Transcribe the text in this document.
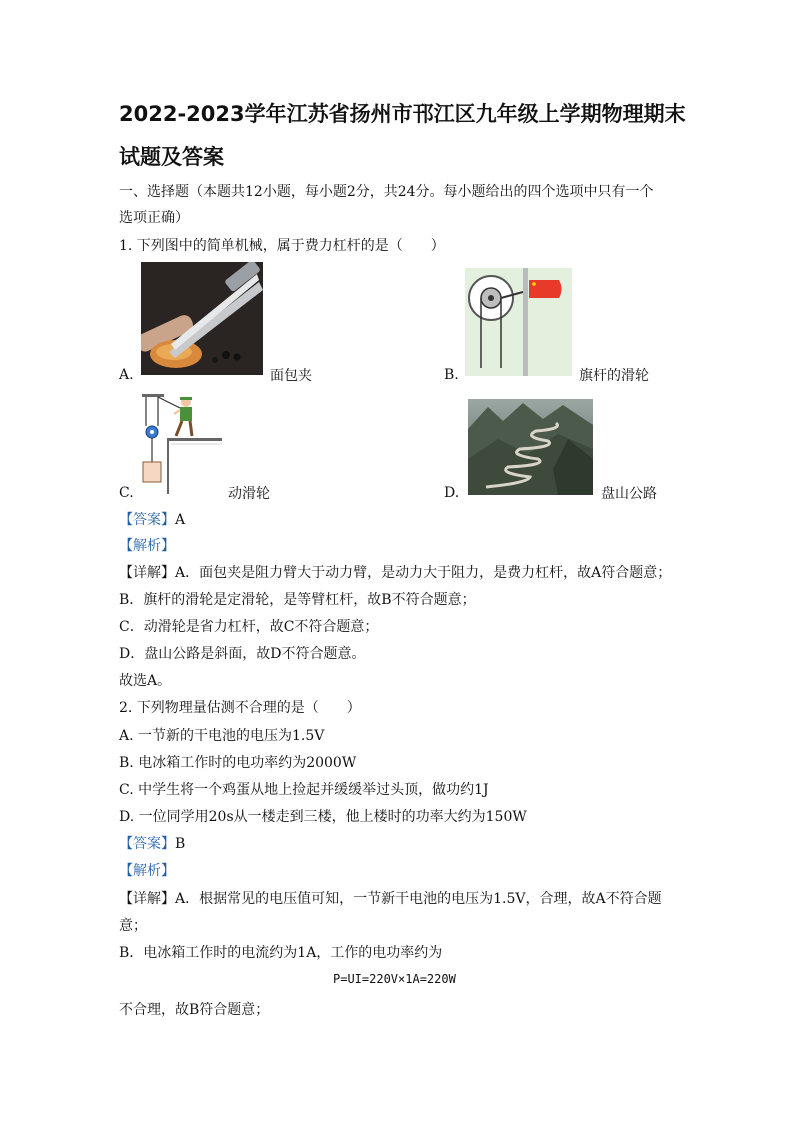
2022-2023学年江苏省扬州市邗江区九年级上学期物理期末
试题及答案
一、选择题（本题共12小题，每小题2分，共24分。每小题给出的四个选项中只有一个
选项正确）
1. 下列图中的简单机械，属于费力杠杆的是（　　）
A.	面包夹	B.	旗杆的滑轮
C.	动滑轮	D.	盘山公路
【答案】A
【解析】
【详解】A．面包夹是阻力臂大于动力臂，是动力大于阻力，是费力杠杆，故A符合题意；
B．旗杆的滑轮是定滑轮，是等臂杠杆，故B不符合题意；
C．动滑轮是省力杠杆，故C不符合题意；
D．盘山公路是斜面，故D不符合题意。
故选A。
2. 下列物理量估测不合理的是（　　）
A. 一节新的干电池的电压为1.5V
B. 电冰箱工作时的电功率约为2000W
C. 中学生将一个鸡蛋从地上捡起并缓缓举过头顶，做功约1J
D. 一位同学用20s从一楼走到三楼，他上楼时的功率大约为150W
【答案】B
【解析】
【详解】A．根据常见的电压值可知，一节新干电池的电压为1.5V，合理，故A不符合题
意；
B．电冰箱工作时的电流约为1A，工作的电功率约为
P=UI=220V×1A=220W
不合理，故B符合题意；
